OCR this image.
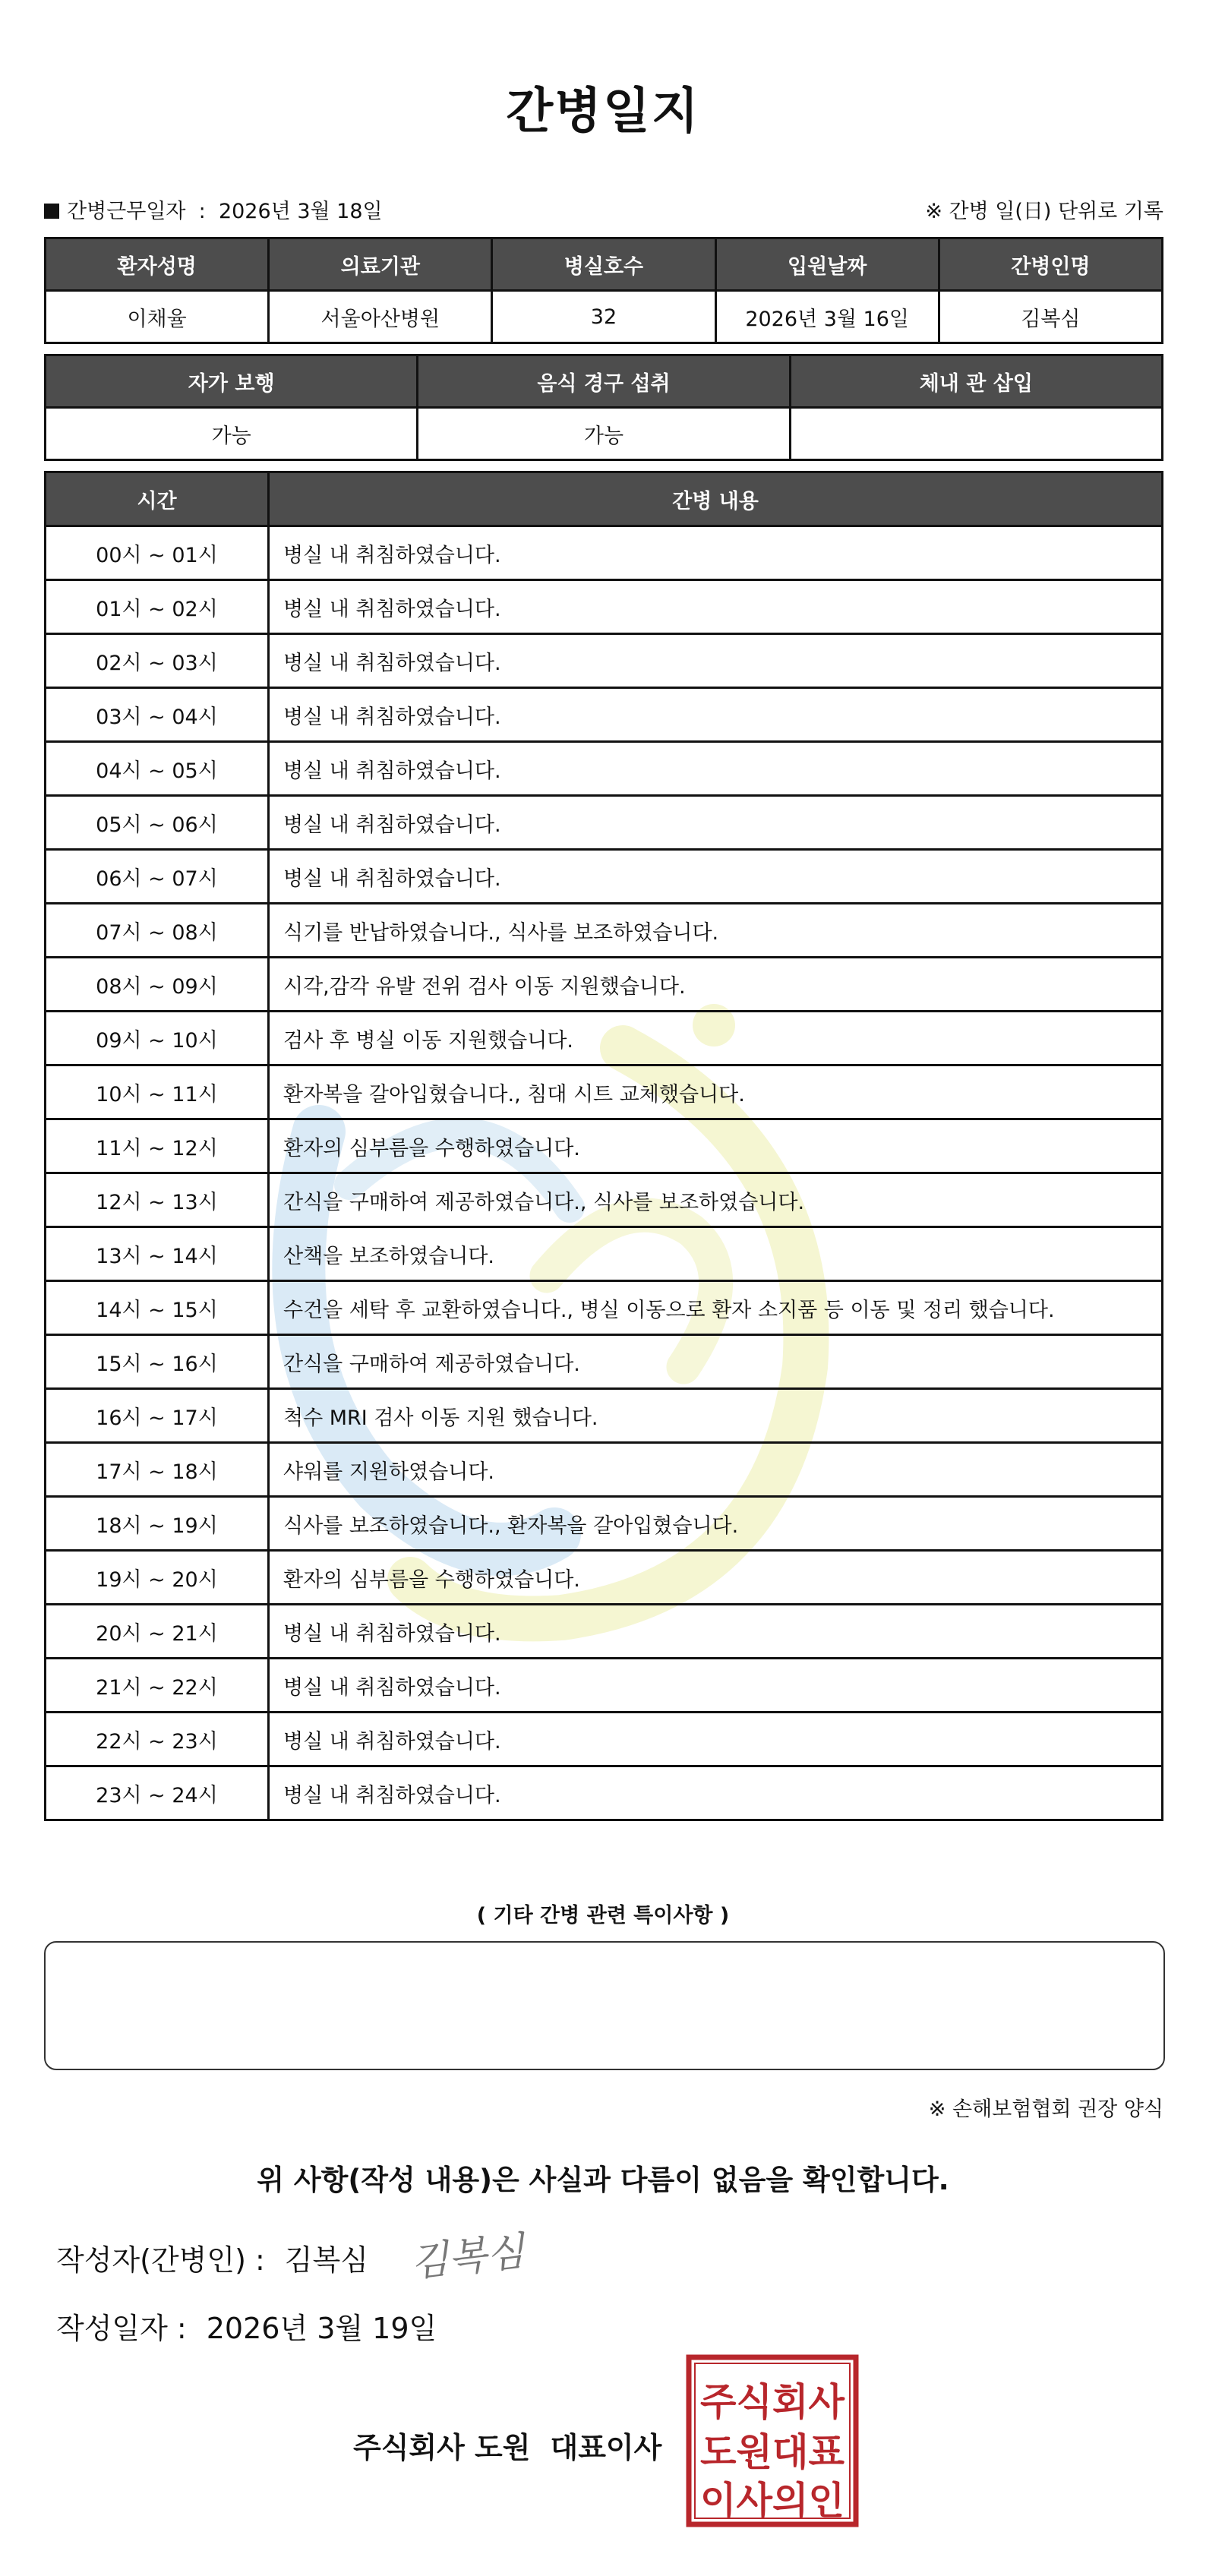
간병일지
간병근무일자 : 2026년 3월 18일	※ 간병 일(日) 단위로 기록
환자성명	의료기관	병실호수	입원날짜	간병인명
이채율	서울아산병원	32	2026년 3월 16일	김복심
자가 보행	음식 경구 섭취	체내 관 삽입
가능	가능	
시간	간병 내용
00시 ~ 01시	병실 내 취침하였습니다.
01시 ~ 02시	병실 내 취침하였습니다.
02시 ~ 03시	병실 내 취침하였습니다.
03시 ~ 04시	병실 내 취침하였습니다.
04시 ~ 05시	병실 내 취침하였습니다.
05시 ~ 06시	병실 내 취침하였습니다.
06시 ~ 07시	병실 내 취침하였습니다.
07시 ~ 08시	식기를 반납하였습니다., 식사를 보조하였습니다.
08시 ~ 09시	시각,감각 유발 전위 검사 이동 지원했습니다.
09시 ~ 10시	검사 후 병실 이동 지원했습니다.
10시 ~ 11시	환자복을 갈아입혔습니다., 침대 시트 교체했습니다.
11시 ~ 12시	환자의 심부름을 수행하였습니다.
12시 ~ 13시	간식을 구매하여 제공하였습니다., 식사를 보조하였습니다.
13시 ~ 14시	산책을 보조하였습니다.
14시 ~ 15시	수건을 세탁 후 교환하였습니다., 병실 이동으로 환자 소지품 등 이동 및 정리 했습니다.
15시 ~ 16시	간식을 구매하여 제공하였습니다.
16시 ~ 17시	척수 MRI 검사 이동 지원 했습니다.
17시 ~ 18시	샤워를 지원하였습니다.
18시 ~ 19시	식사를 보조하였습니다., 환자복을 갈아입혔습니다.
19시 ~ 20시	환자의 심부름을 수행하였습니다.
20시 ~ 21시	병실 내 취침하였습니다.
21시 ~ 22시	병실 내 취침하였습니다.
22시 ~ 23시	병실 내 취침하였습니다.
23시 ~ 24시	병실 내 취침하였습니다.
( 기타 간병 관련 특이사항 )
※ 손해보험협회 권장 양식
위 사항(작성 내용)은 사실과 다름이 없음을 확인합니다.
작성자(간병인) : 김복심 김복심
작성일자 : 2026년 3월 19일
주식회사 도원 대표이사
주식회사
도원대표
이사의인
